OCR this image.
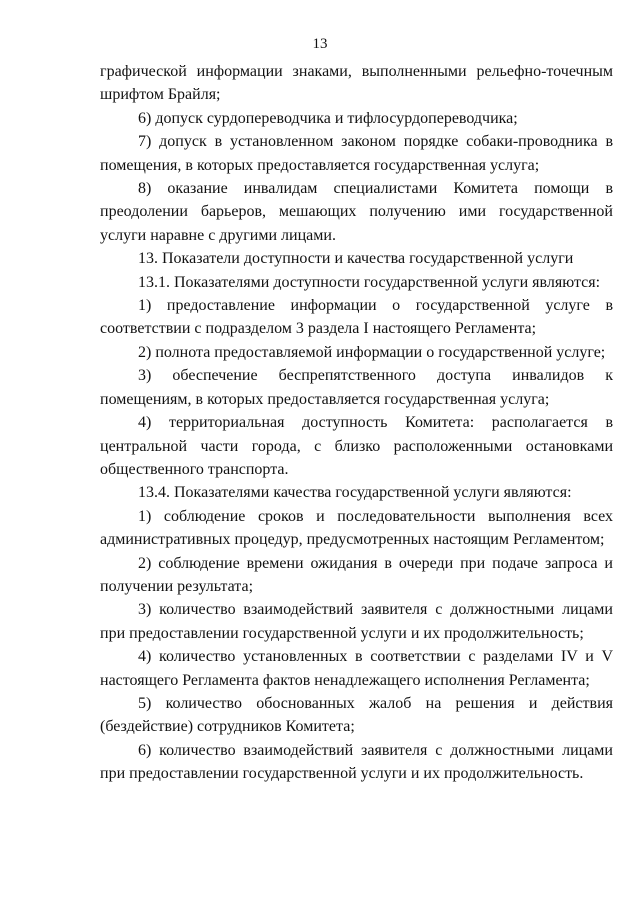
13

графической информации знаками, выполненными рельефно-точечным шрифтом Брайля;

6) допуск сурдопереводчика и тифлосурдопереводчика;

7) допуск в установленном законом порядке собаки-проводника в помещения, в которых предоставляется государственная услуга;

8) оказание инвалидам специалистами Комитета помощи в преодолении барьеров, мешающих получению ими государственной услуги наравне с другими лицами.

13. Показатели доступности и качества государственной услуги

13.1. Показателями доступности государственной услуги являются:

1) предоставление информации о государственной услуге в соответствии с подразделом 3 раздела I настоящего Регламента;

2) полнота предоставляемой информации о государственной услуге;

3) обеспечение беспрепятственного доступа инвалидов к помещениям, в которых предоставляется государственная услуга;

4) территориальная доступность Комитета: располагается в центральной части города, с близко расположенными остановками общественного транспорта.

13.4. Показателями качества государственной услуги являются:

1) соблюдение сроков и последовательности выполнения всех административных процедур, предусмотренных настоящим Регламентом;

2) соблюдение времени ожидания в очереди при подаче запроса и получении результата;

3) количество взаимодействий заявителя с должностными лицами при предоставлении государственной услуги и их продолжительность;

4) количество установленных в соответствии с разделами IV и V настоящего Регламента фактов ненадлежащего исполнения Регламента;

5) количество обоснованных жалоб на решения и действия (бездействие) сотрудников Комитета;

6) количество взаимодействий заявителя с должностными лицами при предоставлении государственной услуги и их продолжительность.
